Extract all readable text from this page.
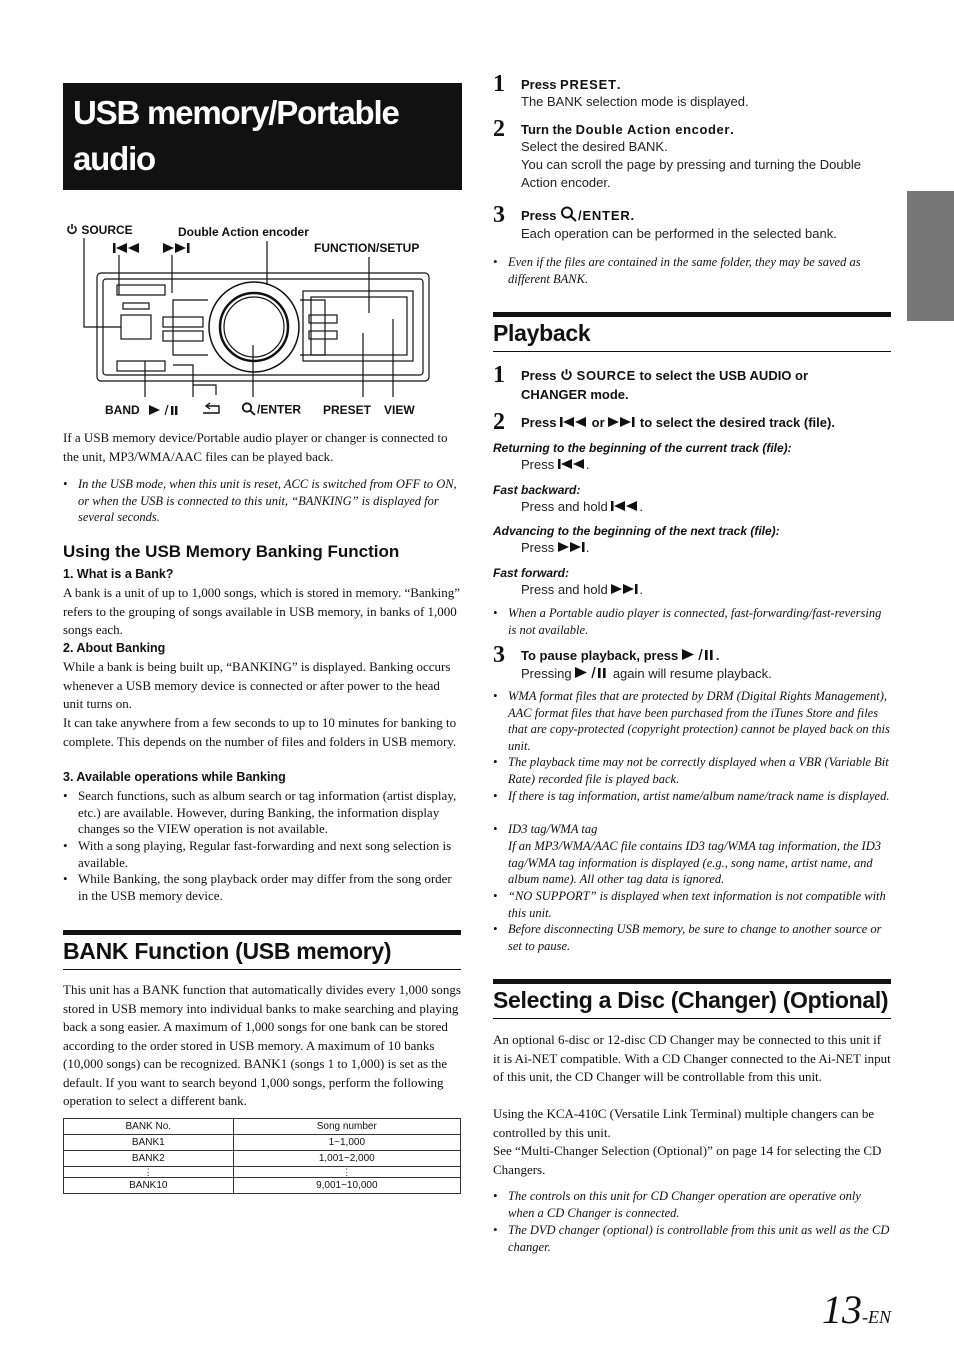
USB memory/Portable audio
player/Changer (Optional)
SOURCE	Double Action encoder
FUNCTION/SETUP

BAND	/ENTER PRESET VIEW
If a USB memory device/Portable audio player or changer is connected to the unit, MP3/WMA/AAC files can be played back.
• In the USB mode, when this unit is reset, ACC is switched from OFF to ON, or when the USB is connected to this unit, “BANKING” is displayed for several seconds.
Using the USB Memory Banking Function
1. What is a Bank?
A bank is a unit of up to 1,000 songs, which is stored in memory. “Banking” refers to the grouping of songs available in USB memory, in banks of 1,000 songs each.
2. About Banking
While a bank is being built up, “BANKING” is displayed. Banking occurs whenever a USB memory device is connected or after power to the head unit turns on.
It can take anywhere from a few seconds to up to 10 minutes for banking to complete. This depends on the number of files and folders in USB memory.
3. Available operations while Banking
• Search functions, such as album search or tag information (artist display, etc.) are available. However, during Banking, the information display changes so the VIEW operation is not available.
• With a song playing, Regular fast-forwarding and next song selection is available.
• While Banking, the song playback order may differ from the song order in the USB memory device.
BANK Function (USB memory)
This unit has a BANK function that automatically divides every 1,000 songs stored in USB memory into individual banks to make searching and playing back a song easier. A maximum of 1,000 songs for one bank can be stored according to the order stored in USB memory. A maximum of 10 banks (10,000 songs) can be recognized. BANK1 (songs 1 to 1,000) is set as the default. If you want to search beyond 1,000 songs, perform the following operation to select a different bank.
BANK No.	Song number
BANK1	1~1,000
BANK2	1,001~2,000
⋮	⋮
BANK10	9,001~10,000
1 Press PRESET.
The BANK selection mode is displayed.
2 Turn the Double Action encoder.
Select the desired BANK.
You can scroll the page by pressing and turning the Double Action encoder.
3 Press /ENTER.
Each operation can be performed in the selected bank.
• Even if the files are contained in the same folder, they may be saved as different BANK.
Playback
1 Press  SOURCE to select the USB AUDIO or
CHANGER mode.
2 Press  or  to select the desired track (file).
Returning to the beginning of the current track (file):
Press .
Fast backward:
Press and hold .
Advancing to the beginning of the next track (file):
Press .
Fast forward:
Press and hold .
• When a Portable audio player is connected, fast-forwarding/fast-reversing is not available.
3 To pause playback, press	.
Pressing	again will resume playback.
• WMA format files that are protected by DRM (Digital Rights Management), AAC format files that have been purchased from the iTunes Store and files that are copy-protected (copyright protection) cannot be played back on this unit.
• The playback time may not be correctly displayed when a VBR (Variable Bit Rate) recorded file is played back.
• If there is tag information, artist name/album name/track name is displayed.
• ID3 tag/WMA tag
If an MP3/WMA/AAC file contains ID3 tag/WMA tag information, the ID3 tag/WMA tag information is displayed (e.g., song name, artist name, and album name). All other tag data is ignored.
• “NO SUPPORT” is displayed when text information is not compatible with this unit.
• Before disconnecting USB memory, be sure to change to another source or set to pause.
Selecting a Disc (Changer) (Optional)
An optional 6-disc or 12-disc CD Changer may be connected to this unit if it is Ai-NET compatible. With a CD Changer connected to the Ai-NET input of this unit, the CD Changer will be controllable from this unit.
Using the KCA-410C (Versatile Link Terminal) multiple changers can be controlled by this unit.
See “Multi-Changer Selection (Optional)” on page 14 for selecting the CD Changers.
• The controls on this unit for CD Changer operation are operative only when a CD Changer is connected.
• The DVD changer (optional) is controllable from this unit as well as the CD changer.
13-EN
